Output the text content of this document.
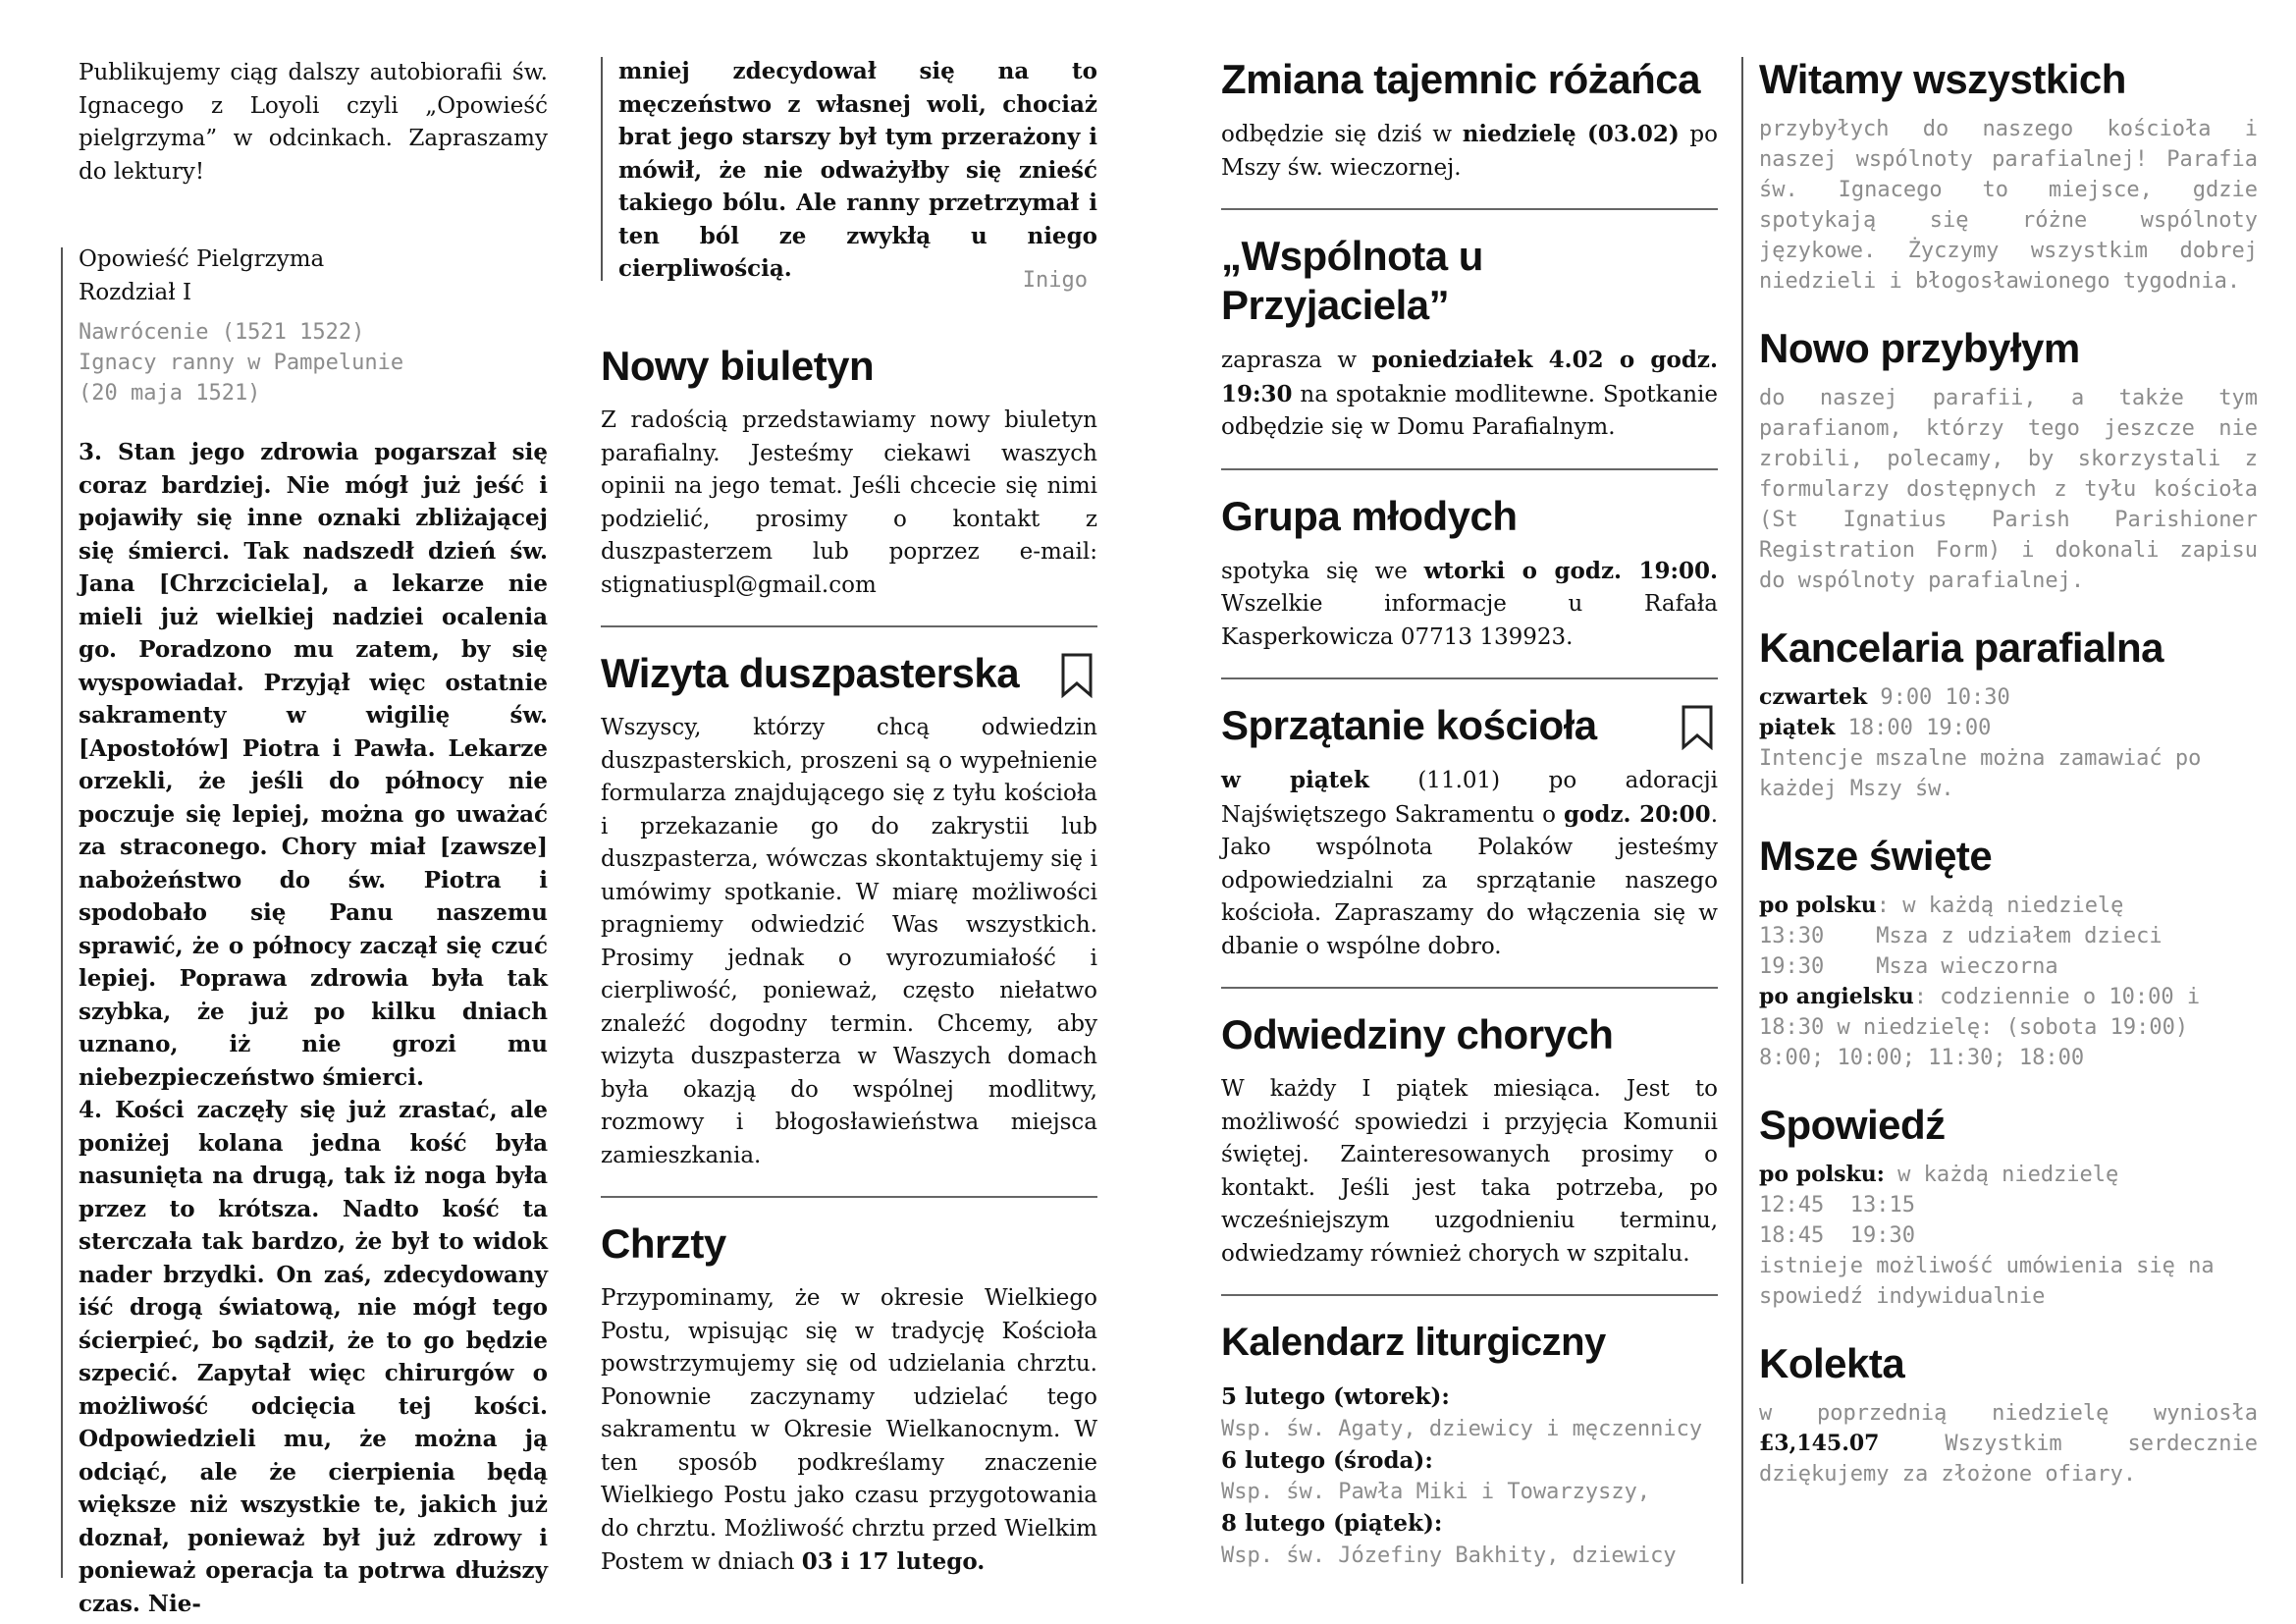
Publikujemy ciąg dalszy autobiorafii św. Ignacego z Loyoli czyli „Opowieść pielgrzyma” w odcinkach. Zapraszamy do lektury!

Opowieść Pielgrzyma

Rozdział I

Nawrócenie (1521 1522)

Ignacy ranny w Pampelunie

(20 maja 1521)

3. Stan jego zdrowia pogarszał się coraz bardziej. Nie mógł już jeść i pojawiły się inne oznaki zbliżającej się śmierci. Tak nadszedł dzień św. Jana [Chrzciciela], a lekarze nie mieli już wielkiej nadziei ocalenia go. Poradzono mu zatem, by się wyspowiadał. Przyjął więc ostatnie sakramenty w wigilię św. [Apostołów] Piotra i Pawła. Lekarze orzekli, że jeśli do północy nie poczuje się lepiej, można go uważać za straconego. Chory miał [zawsze] nabożeństwo do św. Piotra i spodobało się Panu naszemu sprawić, że o północy zaczął się czuć lepiej. Poprawa zdrowia była tak szybka, że już po kilku dniach uznano, iż nie grozi mu niebezpieczeństwo śmierci.

4. Kości zaczęły się już zrastać, ale poniżej kolana jedna kość była nasunięta na drugą, tak iż noga była przez to krótsza. Nadto kość ta sterczała tak bardzo, że był to widok nader brzydki. On zaś, zdecydowany iść drogą światową, nie mógł tego ścierpieć, bo sądził, że to go będzie szpecić. Zapytał więc chirurgów o możliwość odcięcia tej kości. Odpowiedzieli mu, że można ją odciąć, ale że cierpienia będą większe niż wszystkie te, jakich już doznał, ponieważ był już zdrowy i ponieważ operacja ta potrwa dłuższy czas. Nie-

mniej zdecydował się na to męczeństwo z własnej woli, chociaż brat jego starszy był tym przerażony i mówił, że nie odważyłby się znieść takiego bólu. Ale ranny przetrzymał i ten ból ze zwykłą u niego cierpliwością.	Inigo

Nowy biuletyn

Z radością przedstawiamy nowy biuletyn parafialny. Jesteśmy ciekawi waszych opinii na jego temat. Jeśli chcecie się nimi podzielić, prosimy o kontakt z duszpasterzem lub poprzez e-mail: stignatiuspl@gmail.com

Wizyta duszpasterska

Wszyscy, którzy chcą odwiedzin duszpasterskich, proszeni są o wypełnienie formularza znajdującego się z tyłu kościoła i przekazanie go do zakrystii lub duszpasterza, wówczas skontaktujemy się i umówimy spotkanie. W miarę możliwości pragniemy odwiedzić Was wszystkich. Prosimy jednak o wyrozumiałość i cierpliwość, ponieważ, często niełatwo znaleźć dogodny termin. Chcemy, aby wizyta duszpasterza w Waszych domach była okazją do wspólnej modlitwy, rozmowy i błogosławieństwa miejsca zamieszkania.

Chrzty

Przypominamy, że w okresie Wielkiego Postu, wpisując się w tradycję Kościoła powstrzymujemy się od udzielania chrztu. Ponownie zaczynamy udzielać tego sakramentu w Okresie Wielkanocnym. W ten sposób podkreślamy znaczenie Wielkiego Postu jako czasu przygotowania do chrztu. Możliwość chrztu przed Wielkim Postem w dniach 03 i 17 lutego.

Zmiana tajemnic różańca

odbędzie się dziś w niedzielę (03.02) po Mszy św. wieczornej.

„Wspólnota u Przyjaciela”

zaprasza w poniedziałek 4.02 o godz. 19:30 na spotaknie modlitewne. Spotkanie odbędzie się w Domu Parafialnym.

Grupa młodych

spotyka się we wtorki o godz. 19:00. Wszelkie informacje u Rafała Kasperkowicza 07713 139923.

Sprzątanie kościoła

w piątek (11.01) po adoracji Najświętszego Sakramentu o godz. 20:00. Jako wspólnota Polaków jesteśmy odpowiedzialni za sprzątanie naszego kościoła. Zapraszamy do włączenia się w dbanie o wspólne dobro.

Odwiedziny chorych

W każdy I piątek miesiąca. Jest to możliwość spowiedzi i przyjęcia Komunii świętej. Zainteresowanych prosimy o kontakt. Jeśli jest taka potrzeba, po wcześniejszym uzgodnieniu terminu, odwiedzamy również chorych w szpitalu.

Kalendarz liturgiczny

5 lutego (wtorek):

Wsp. św. Agaty, dziewicy i męczennicy

6 lutego (środa):

Wsp. św. Pawła Miki i Towarzyszy,

8 lutego (piątek):

Wsp. św. Józefiny Bakhity, dziewicy

Witamy wszystkich

przybyłych do naszego kościoła i naszej wspólnoty parafialnej! Parafia św. Ignacego to miejsce, gdzie spotykają się różne wspólnoty językowe. Życzymy wszystkim dobrej niedzieli i błogosławionego tygodnia.

Nowo przybyłym

do naszej parafii, a także tym parafianom, którzy tego jeszcze nie zrobili, polecamy, by skorzystali z formularzy dostępnych z tyłu kościoła (St Ignatius Parish Parishioner Registration Form) i dokonali zapisu do wspólnoty parafialnej.

Kancelaria parafialna

czwartek 9:00 10:30

piątek 18:00 19:00

Intencje mszalne można zamawiać po każdej Mszy św.

Msze święte

po polsku: w każdą niedzielę

13:30    Msza z udziałem dzieci

19:30    Msza wieczorna

po angielsku: codziennie o 10:00 i 18:30 w niedzielę: (sobota 19:00) 8:00; 10:00; 11:30; 18:00

Spowiedź

po polsku: w każdą niedzielę

12:45  13:15

18:45  19:30

istnieje możliwość umówienia się na spowiedź indywidualnie

Kolekta

w poprzednią niedzielę wyniosła £3,145.07 Wszystkim serdecznie dziękujemy za złożone ofiary.
